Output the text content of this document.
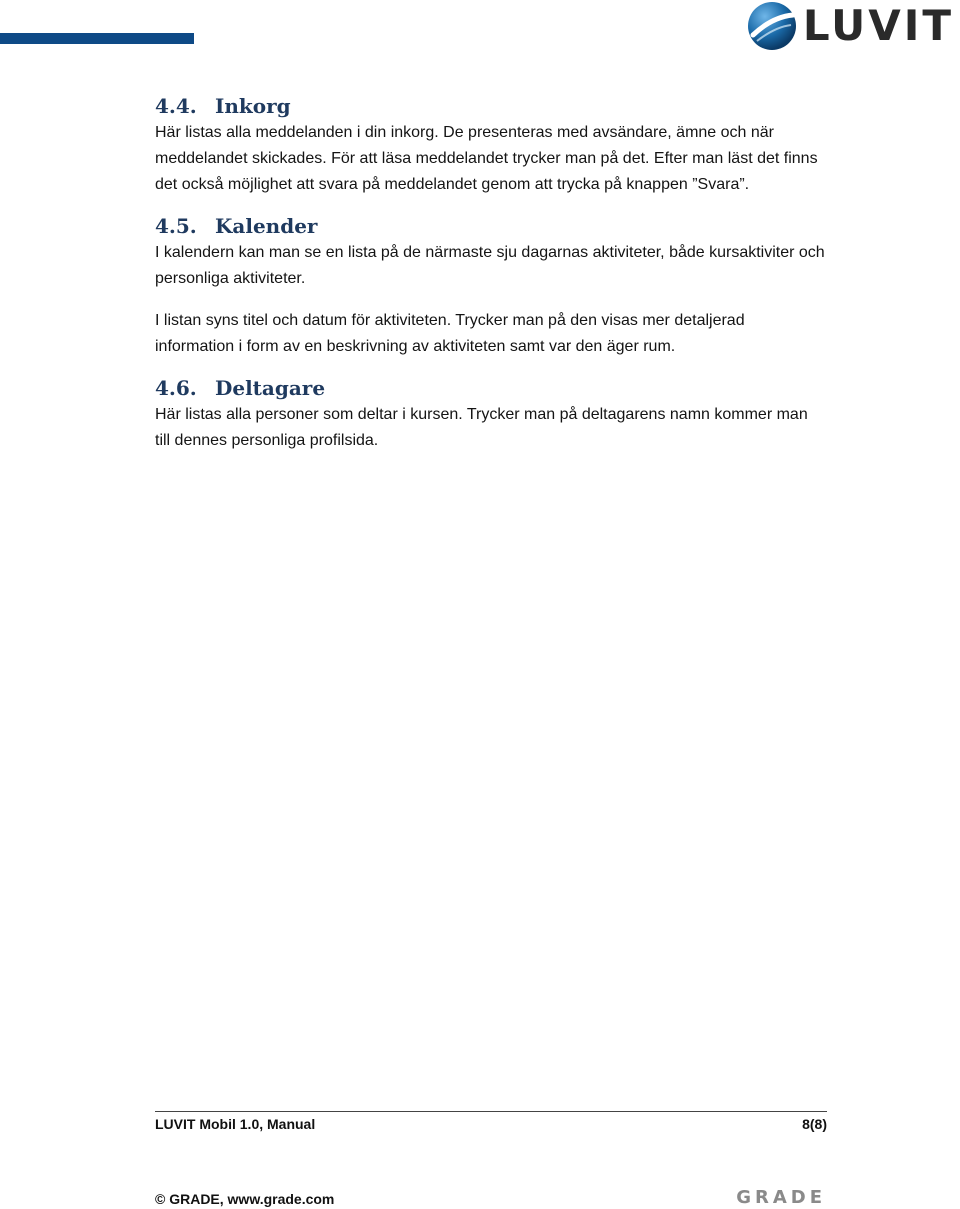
LUVIT
4.4. Inkorg

Här listas alla meddelanden i din inkorg. De presenteras med avsändare, ämne och när meddelandet skickades. För att läsa meddelandet trycker man på det. Efter man läst det finns det också möjlighet att svara på meddelandet genom att trycka på knappen ”Svara”.

4.5. Kalender

I kalendern kan man se en lista på de närmaste sju dagarnas aktiviteter, både kursaktiviter och personliga aktiviteter.

I listan syns titel och datum för aktiviteten. Trycker man på den visas mer detaljerad information i form av en beskrivning av aktiviteten samt var den äger rum.

4.6. Deltagare

Här listas alla personer som deltar i kursen. Trycker man på deltagarens namn kommer man till dennes personliga profilsida.

LUVIT Mobil 1.0, Manual	8(8)
© GRADE, www.grade.com	GRADE
